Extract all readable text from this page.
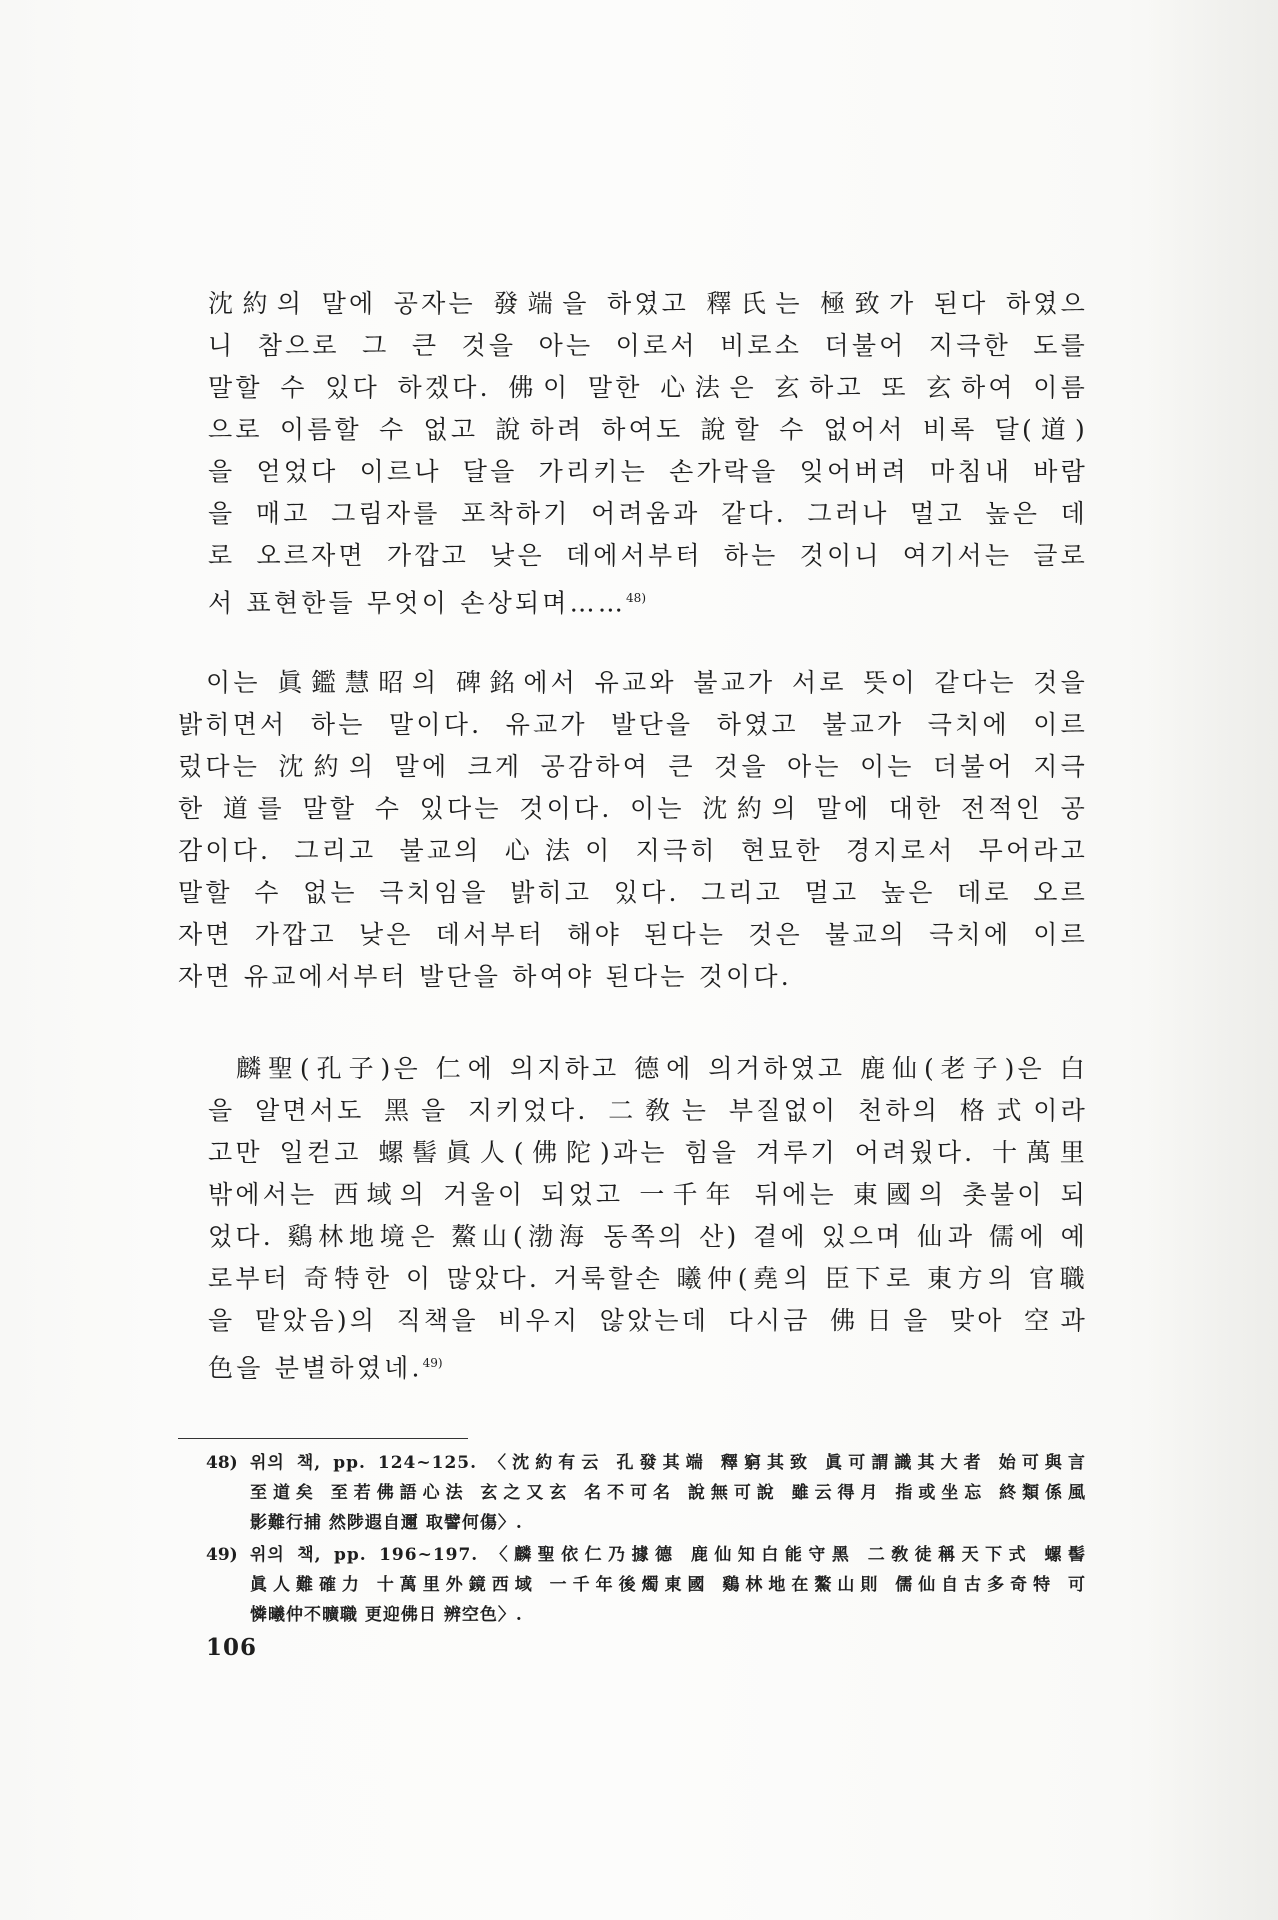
沈約의 말에 공자는 發端을 하였고 釋氏는 極致가 된다 하였으
니 참으로 그 큰 것을 아는 이로서 비로소 더불어 지극한 도를
말할 수 있다 하겠다. 佛이 말한 心法은 玄하고 또 玄하여 이름
으로 이름할 수 없고 說하려 하여도 說할 수 없어서 비록 달(道)
을 얻었다 이르나 달을 가리키는 손가락을 잊어버려 마침내 바람
을 매고 그림자를 포착하기 어려움과 같다. 그러나 멀고 높은 데
로 오르자면 가깝고 낮은 데에서부터 하는 것이니 여기서는 글로
서 표현한들 무엇이 손상되며……$^{48)}$
이는 眞鑑慧昭의 碑銘에서 유교와 불교가 서로 뜻이 같다는 것을
밝히면서 하는 말이다. 유교가 발단을 하였고 불교가 극치에 이르
렀다는 沈約의 말에 크게 공감하여 큰 것을 아는 이는 더불어 지극
한 道를 말할 수 있다는 것이다. 이는 沈約의 말에 대한 전적인 공
감이다. 그리고 불교의 心法이 지극히 현묘한 경지로서 무어라고
말할 수 없는 극치임을 밝히고 있다. 그리고 멀고 높은 데로 오르
자면 가깝고 낮은 데서부터 해야 된다는 것은 불교의 극치에 이르
자면 유교에서부터 발단을 하여야 된다는 것이다.
麟聖(孔子)은 仁에 의지하고 德에 의거하였고 鹿仙(老子)은 白
을 알면서도 黑을 지키었다. 二敎는 부질없이 천하의 格式이라
고만 일컫고 螺髻眞人(佛陀)과는 힘을 겨루기 어려웠다. 十萬里
밖에서는 西域의 거울이 되었고 一千年 뒤에는 東國의 촛불이 되
었다. 鷄林地境은 鰲山(渤海 동쪽의 산) 곁에 있으며 仙과 儒에 예
로부터 奇特한 이 많았다. 거룩할손 曦仲(堯의 臣下로 東方의 官職
을 맡았음)의 직책을 비우지 않았는데 다시금 佛日을 맞아 空과
色을 분별하였네.$^{49)}$
48) 위의 책, pp. 124~125. 〈沈約有云 孔發其端 釋窮其致 眞可謂識其大者 始可與言
至道矣 至若佛語心法 玄之又玄 名不可名 說無可說 雖云得月 指或坐忘 終類係風
影難行捕 然陟遐自邇 取譬何傷〉.
49) 위의 책, pp. 196~197. 〈麟聖依仁乃據德 鹿仙知白能守黑 二敎徒稱天下式 螺髻
眞人難確力 十萬里外鏡西域 一千年後燭東國 鷄林地在鰲山則 儒仙自古多奇特 可
憐曦仲不曠職 更迎佛日 辨空色〉.
106
